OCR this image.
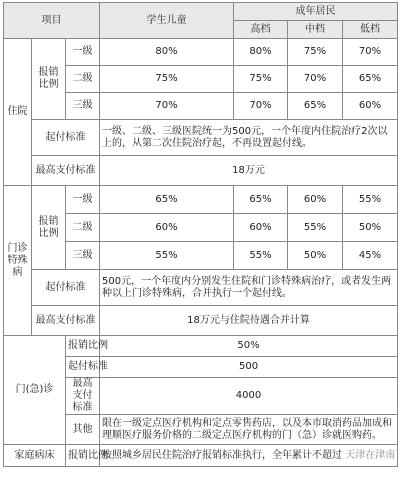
项目			学生儿童	成年居民		
				高档	中档	低档
住院	报销比例	一级	80%	80%	75%	70%
		二级	75%	75%	70%	65%
		三级	70%	70%	65%	60%
	起付标准		一级、二级、三级医院统一为500元，一个年度内住院治疗2次以上的，从第二次住院治疗起，不再设置起付线。			
	最高支付标准		18万元			
门诊特殊病	报销比例	一级	65%	65%	60%	55%
		二级	60%	60%	55%	50%
		三级	55%	55%	50%	45%
	起付标准		500元，一个年度内分别发生住院和门诊特殊病治疗，或者发生两种以上门诊特殊病，合并执行一个起付线。			
	最高支付标准		18万元与住院待遇合并计算			
门(急)诊		报销比例	50%			
		起付标准	500			
		最高支付标准	4000			
		其他	限在一级定点医疗机构和定点零售药店，以及本市取消药品加成和理顺医疗服务价格的二级定点医疗机构的门（急）诊就医购药。			
家庭病床		报销比例	按照城乡居民住院治疗报销标准执行，全年累计不超过 天津在津南			
